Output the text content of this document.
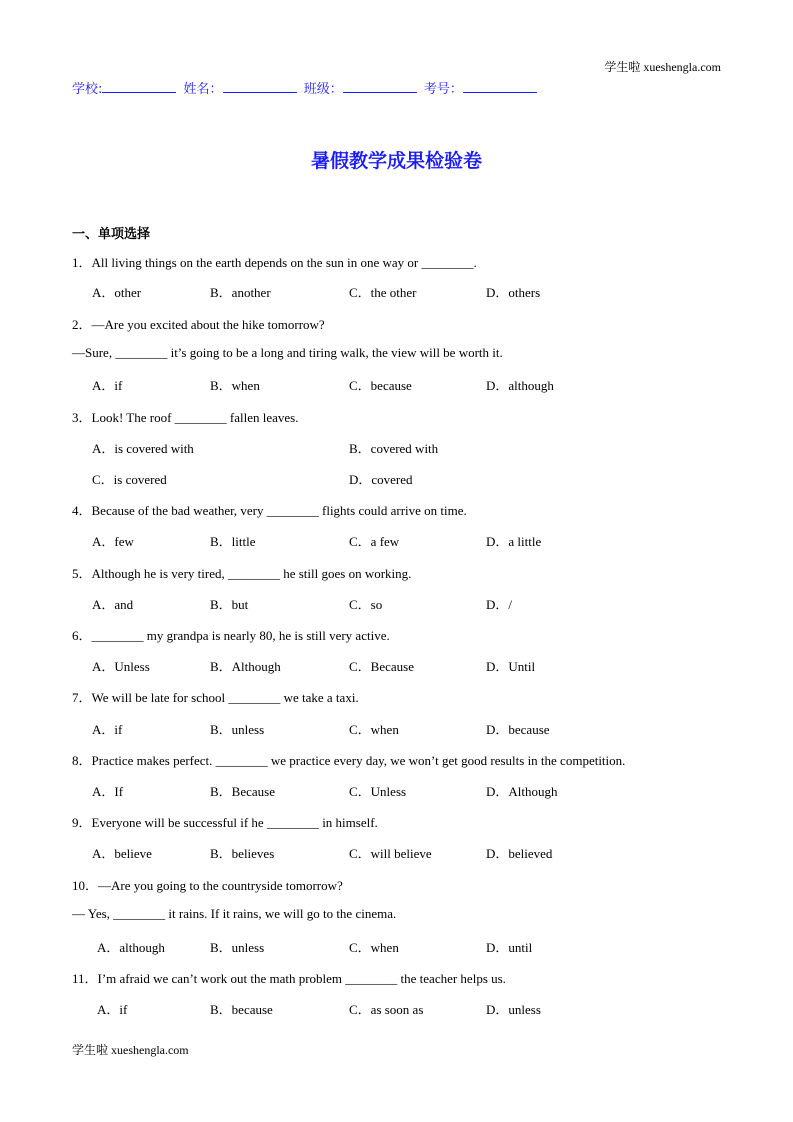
学生啦 xueshengla.com
学校:	姓名：	班级：	考号：
暑假教学成果检验卷
一、单项选择
1．All living things on the earth depends on the sun in one way or ________.
A．other	B．another	C．the other	D．others
2．—Are you excited about the hike tomorrow?
—Sure, ________ it’s going to be a long and tiring walk, the view will be worth it.
A．if	B．when	C．because	D．although
3．Look! The roof ________ fallen leaves.
A．is covered with	B．covered with
C．is covered	D．covered
4．Because of the bad weather, very ________ flights could arrive on time.
A．few	B．little	C．a few	D．a little
5．Although he is very tired, ________ he still goes on working.
A．and	B．but	C．so	D．/
6．________ my grandpa is nearly 80, he is still very active.
A．Unless	B．Although	C．Because	D．Until
7．We will be late for school ________ we take a taxi.
A．if	B．unless	C．when	D．because
8．Practice makes perfect. ________ we practice every day, we won’t get good results in the competition.
A．If	B．Because	C．Unless	D．Although
9．Everyone will be successful if he ________ in himself.
A．believe	B．believes	C．will believe	D．believed
10．—Are you going to the countryside tomorrow?
— Yes, ________ it rains. If it rains, we will go to the cinema.
A．although	B．unless	C．when	D．until
11．I’m afraid we can’t work out the math problem ________ the teacher helps us.
A．if	B．because	C．as soon as	D．unless
学生啦 xueshengla.com
